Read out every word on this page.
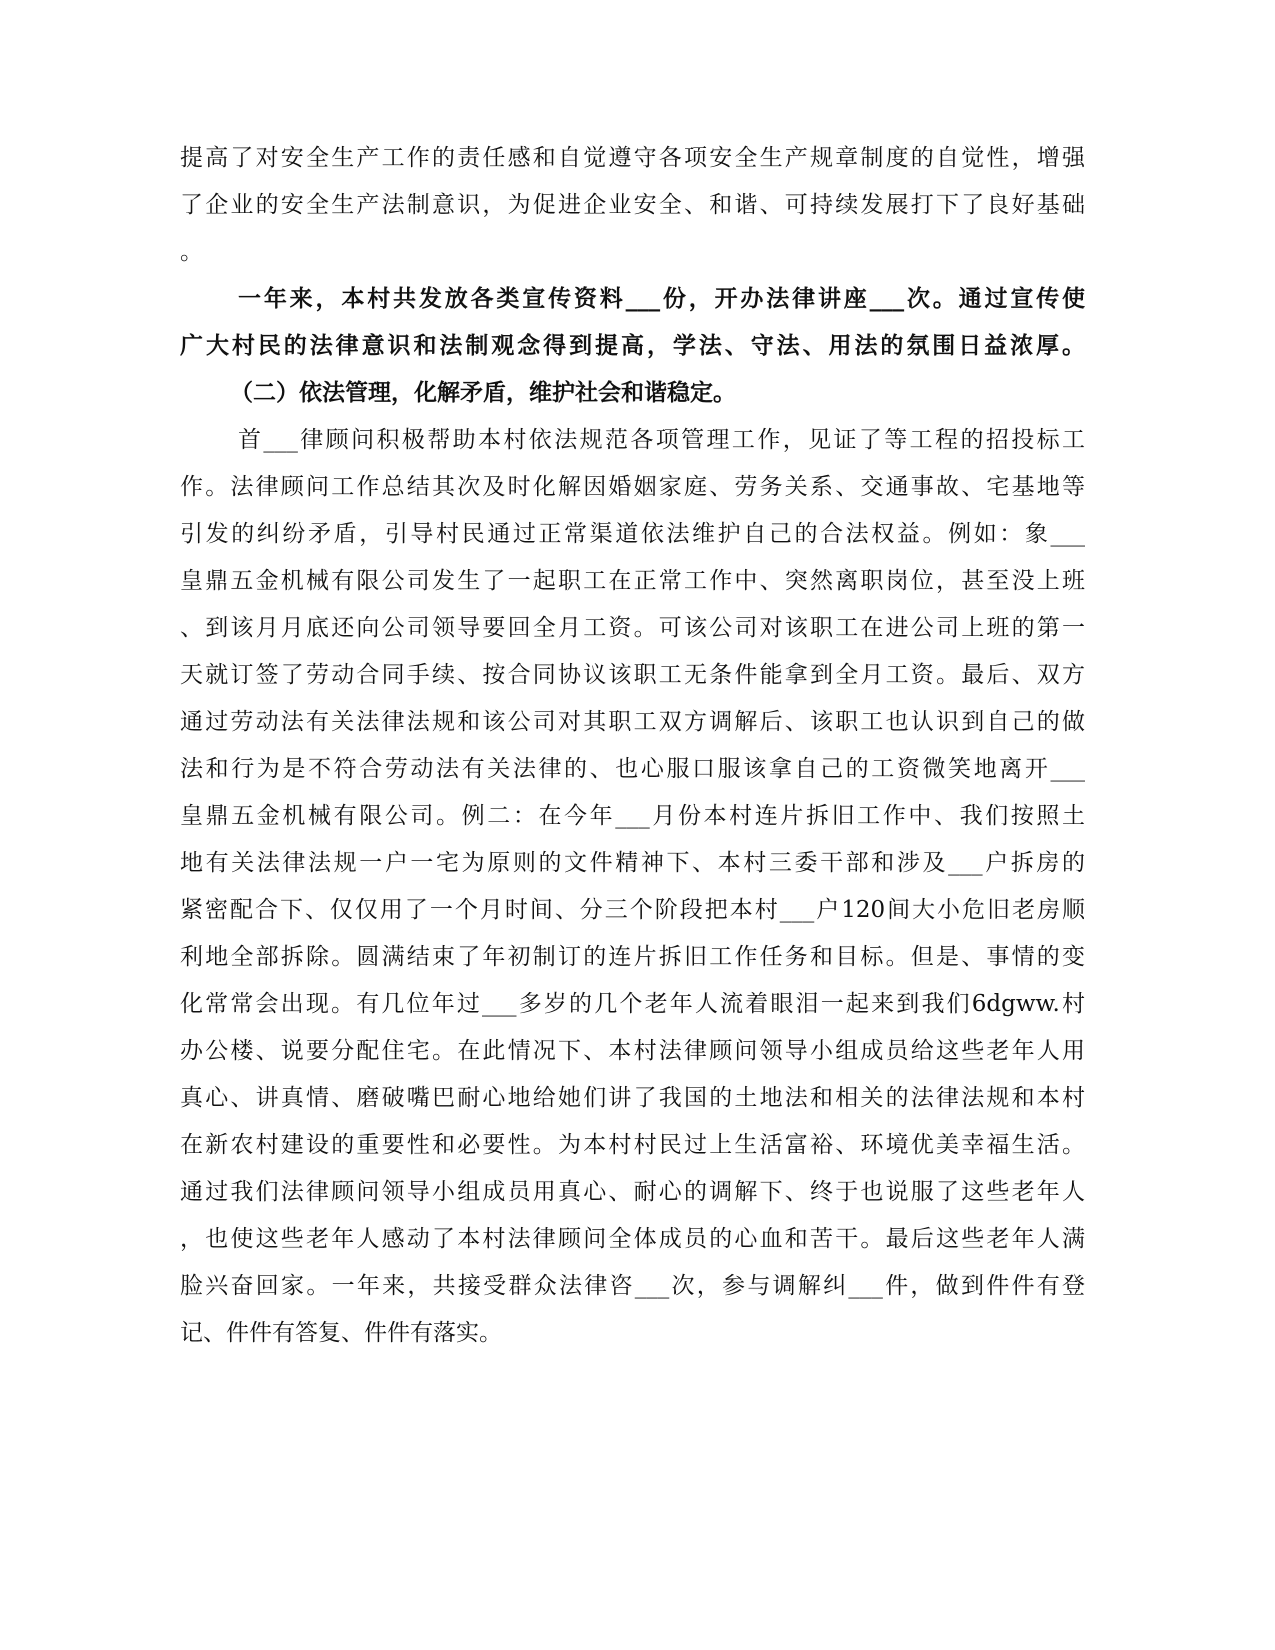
提高了对安全生产工作的责任感和自觉遵守各项安全生产规章制度的自觉性，增强
了企业的安全生产法制意识，为促进企业安全、和谐、可持续发展打下了良好基础
。
一年来，本村共发放各类宣传资料___份，开办法律讲座___次。通过宣传使
广大村民的法律意识和法制观念得到提高，学法、守法、用法的氛围日益浓厚。
（二）依法管理，化解矛盾，维护社会和谐稳定。
首___律顾问积极帮助本村依法规范各项管理工作，见证了等工程的招投标工
作。法律顾问工作总结其次及时化解因婚姻家庭、劳务关系、交通事故、宅基地等
引发的纠纷矛盾，引导村民通过正常渠道依法维护自己的合法权益。例如：象___
皇鼎五金机械有限公司发生了一起职工在正常工作中、突然离职岗位，甚至没上班
、到该月月底还向公司领导要回全月工资。可该公司对该职工在进公司上班的第一
天就订签了劳动合同手续、按合同协议该职工无条件能拿到全月工资。最后、双方
通过劳动法有关法律法规和该公司对其职工双方调解后、该职工也认识到自己的做
法和行为是不符合劳动法有关法律的、也心服口服该拿自己的工资微笑地离开___
皇鼎五金机械有限公司。例二：在今年___月份本村连片拆旧工作中、我们按照土
地有关法律法规一户一宅为原则的文件精神下、本村三委干部和涉及___户拆房的
紧密配合下、仅仅用了一个月时间、分三个阶段把本村___户120间大小危旧老房顺
利地全部拆除。圆满结束了年初制订的连片拆旧工作任务和目标。但是、事情的变
化常常会出现。有几位年过___多岁的几个老年人流着眼泪一起来到我们6dgww.村
办公楼、说要分配住宅。在此情况下、本村法律顾问领导小组成员给这些老年人用
真心、讲真情、磨破嘴巴耐心地给她们讲了我国的土地法和相关的法律法规和本村
在新农村建设的重要性和必要性。为本村村民过上生活富裕、环境优美幸福生活。
通过我们法律顾问领导小组成员用真心、耐心的调解下、终于也说服了这些老年人
，也使这些老年人感动了本村法律顾问全体成员的心血和苦干。最后这些老年人满
脸兴奋回家。一年来，共接受群众法律咨___次，参与调解纠___件，做到件件有登
记、件件有答复、件件有落实。
